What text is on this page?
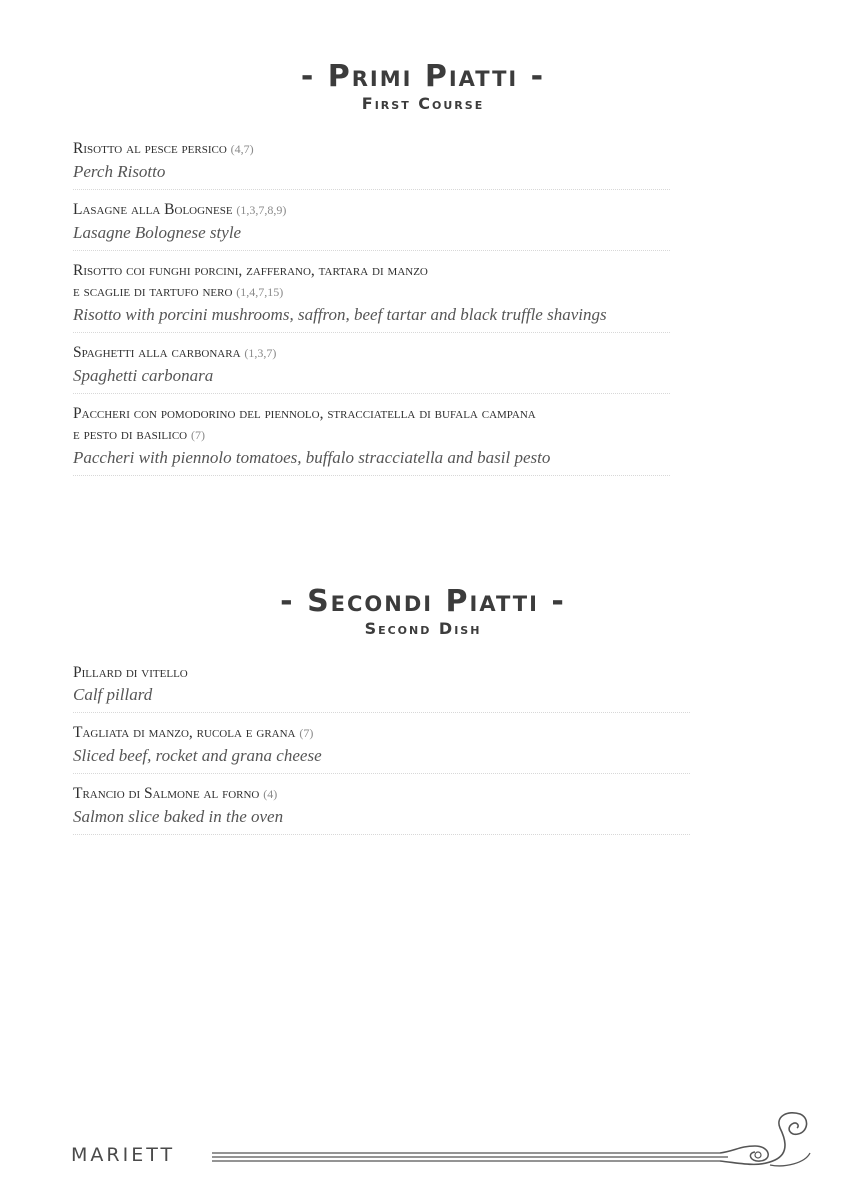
- Primi Piatti -
First Course
Risotto al pesce persico (4,7)
Perch Risotto
Lasagne alla Bolognese (1,3,7,8,9)
Lasagne Bolognese style
Risotto coi funghi porcini, zafferano, tartara di manzo
e scaglie di tartufo nero (1,4,7,15)
Risotto with porcini mushrooms, saffron, beef tartar and black truffle shavings
Spaghetti alla carbonara (1,3,7)
Spaghetti carbonara
Paccheri con pomodorino del piennolo, stracciatella di bufala campana
e pesto di basilico (7)
Paccheri with piennolo tomatoes, buffalo stracciatella and basil pesto
- Secondi Piatti -
Second Dish
Pillard di vitello
Calf pillard
Tagliata di manzo, rucola e grana (7)
Sliced beef, rocket and grana cheese
Trancio di Salmone al forno (4)
Salmon slice baked in the oven
MARIETT
